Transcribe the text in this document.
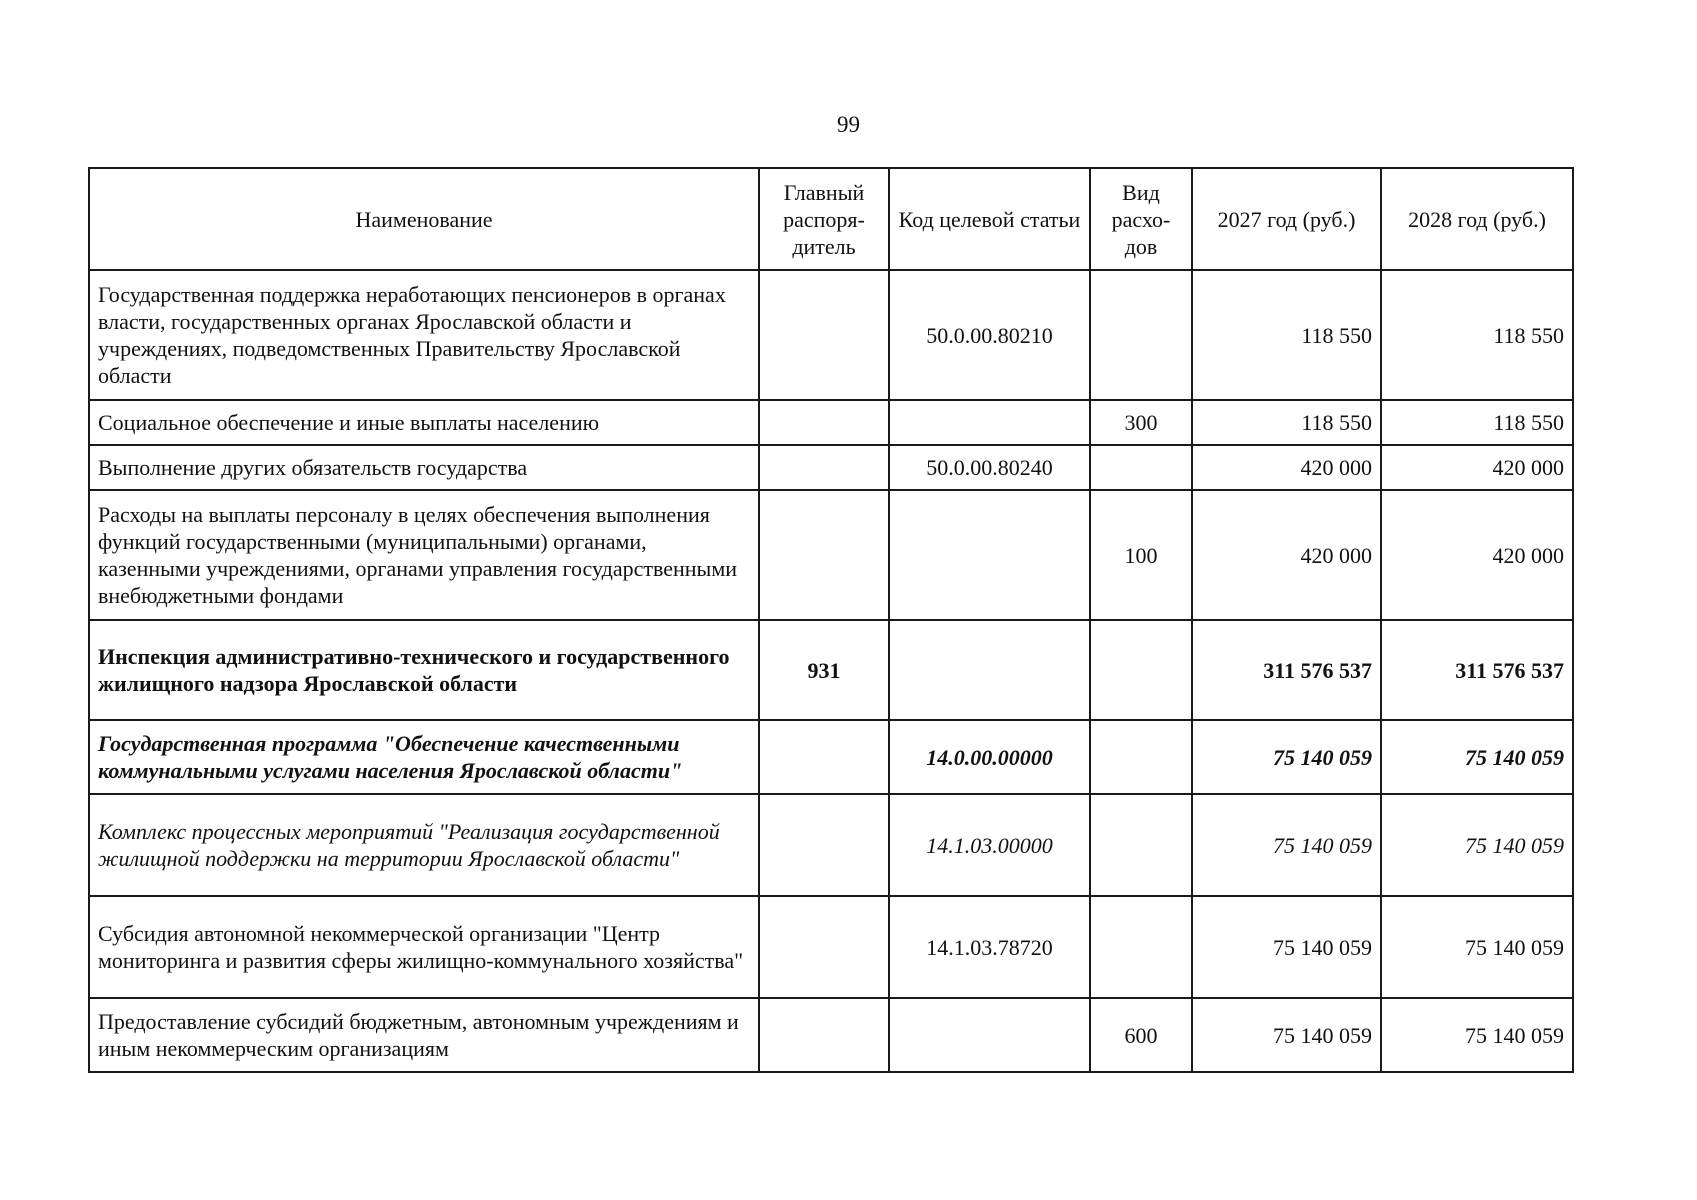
99
Наименование	Главный распоря-дитель	Код целевой статьи	Вид расхо-дов	2027 год (руб.)	2028 год (руб.)
Государственная поддержка неработающих пенсионеров в органах власти, государственных органах Ярославской области и учреждениях, подведомственных Правительству Ярославской области		50.0.00.80210		118 550	118 550
Социальное обеспечение и иные выплаты населению			300	118 550	118 550
Выполнение других обязательств государства		50.0.00.80240		420 000	420 000
Расходы на выплаты персоналу в целях обеспечения выполнения функций государственными (муниципальными) органами, казенными учреждениями, органами управления государственными внебюджетными фондами			100	420 000	420 000
Инспекция административно-технического и государственного жилищного надзора Ярославской области	931			311 576 537	311 576 537
Государственная программа "Обеспечение качественными коммунальными услугами населения Ярославской области"		14.0.00.00000		75 140 059	75 140 059
Комплекс процессных мероприятий "Реализация государственной жилищной поддержки на территории Ярославской области"		14.1.03.00000		75 140 059	75 140 059
Субсидия автономной некоммерческой организации "Центр мониторинга и развития сферы жилищно-коммунального хозяйства"		14.1.03.78720		75 140 059	75 140 059
Предоставление субсидий бюджетным, автономным учреждениям и иным некоммерческим организациям			600	75 140 059	75 140 059
